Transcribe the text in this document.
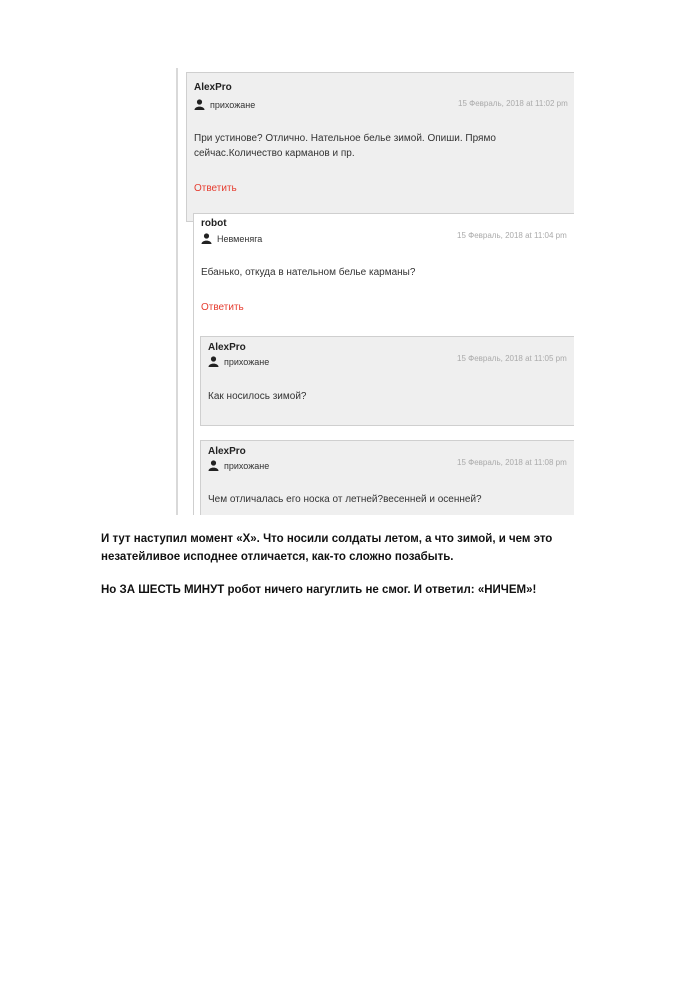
AlexPro
прихожане	15 Февраль, 2018 at 11:02 pm
При устинове? Отлично. Нательное белье зимой. Опиши. Прямо сейчас.Количество карманов и пр.
Ответить
robot
Невменяга	15 Февраль, 2018 at 11:04 pm
Ебанько, откуда в нательном белье карманы?
Ответить
AlexPro
прихожане	15 Февраль, 2018 at 11:05 pm
Как носилось зимой?
AlexPro
прихожане	15 Февраль, 2018 at 11:08 pm
Чем отличалась его носка от летней?весенней и осенней?
И тут наступил момент «Х». Что носили солдаты летом, а что зимой, и чем это незатейливое исподнее отличается, как-то сложно позабыть.
Но ЗА ШЕСТЬ МИНУТ робот ничего нагуглить не смог. И ответил: «НИЧЕМ»!
